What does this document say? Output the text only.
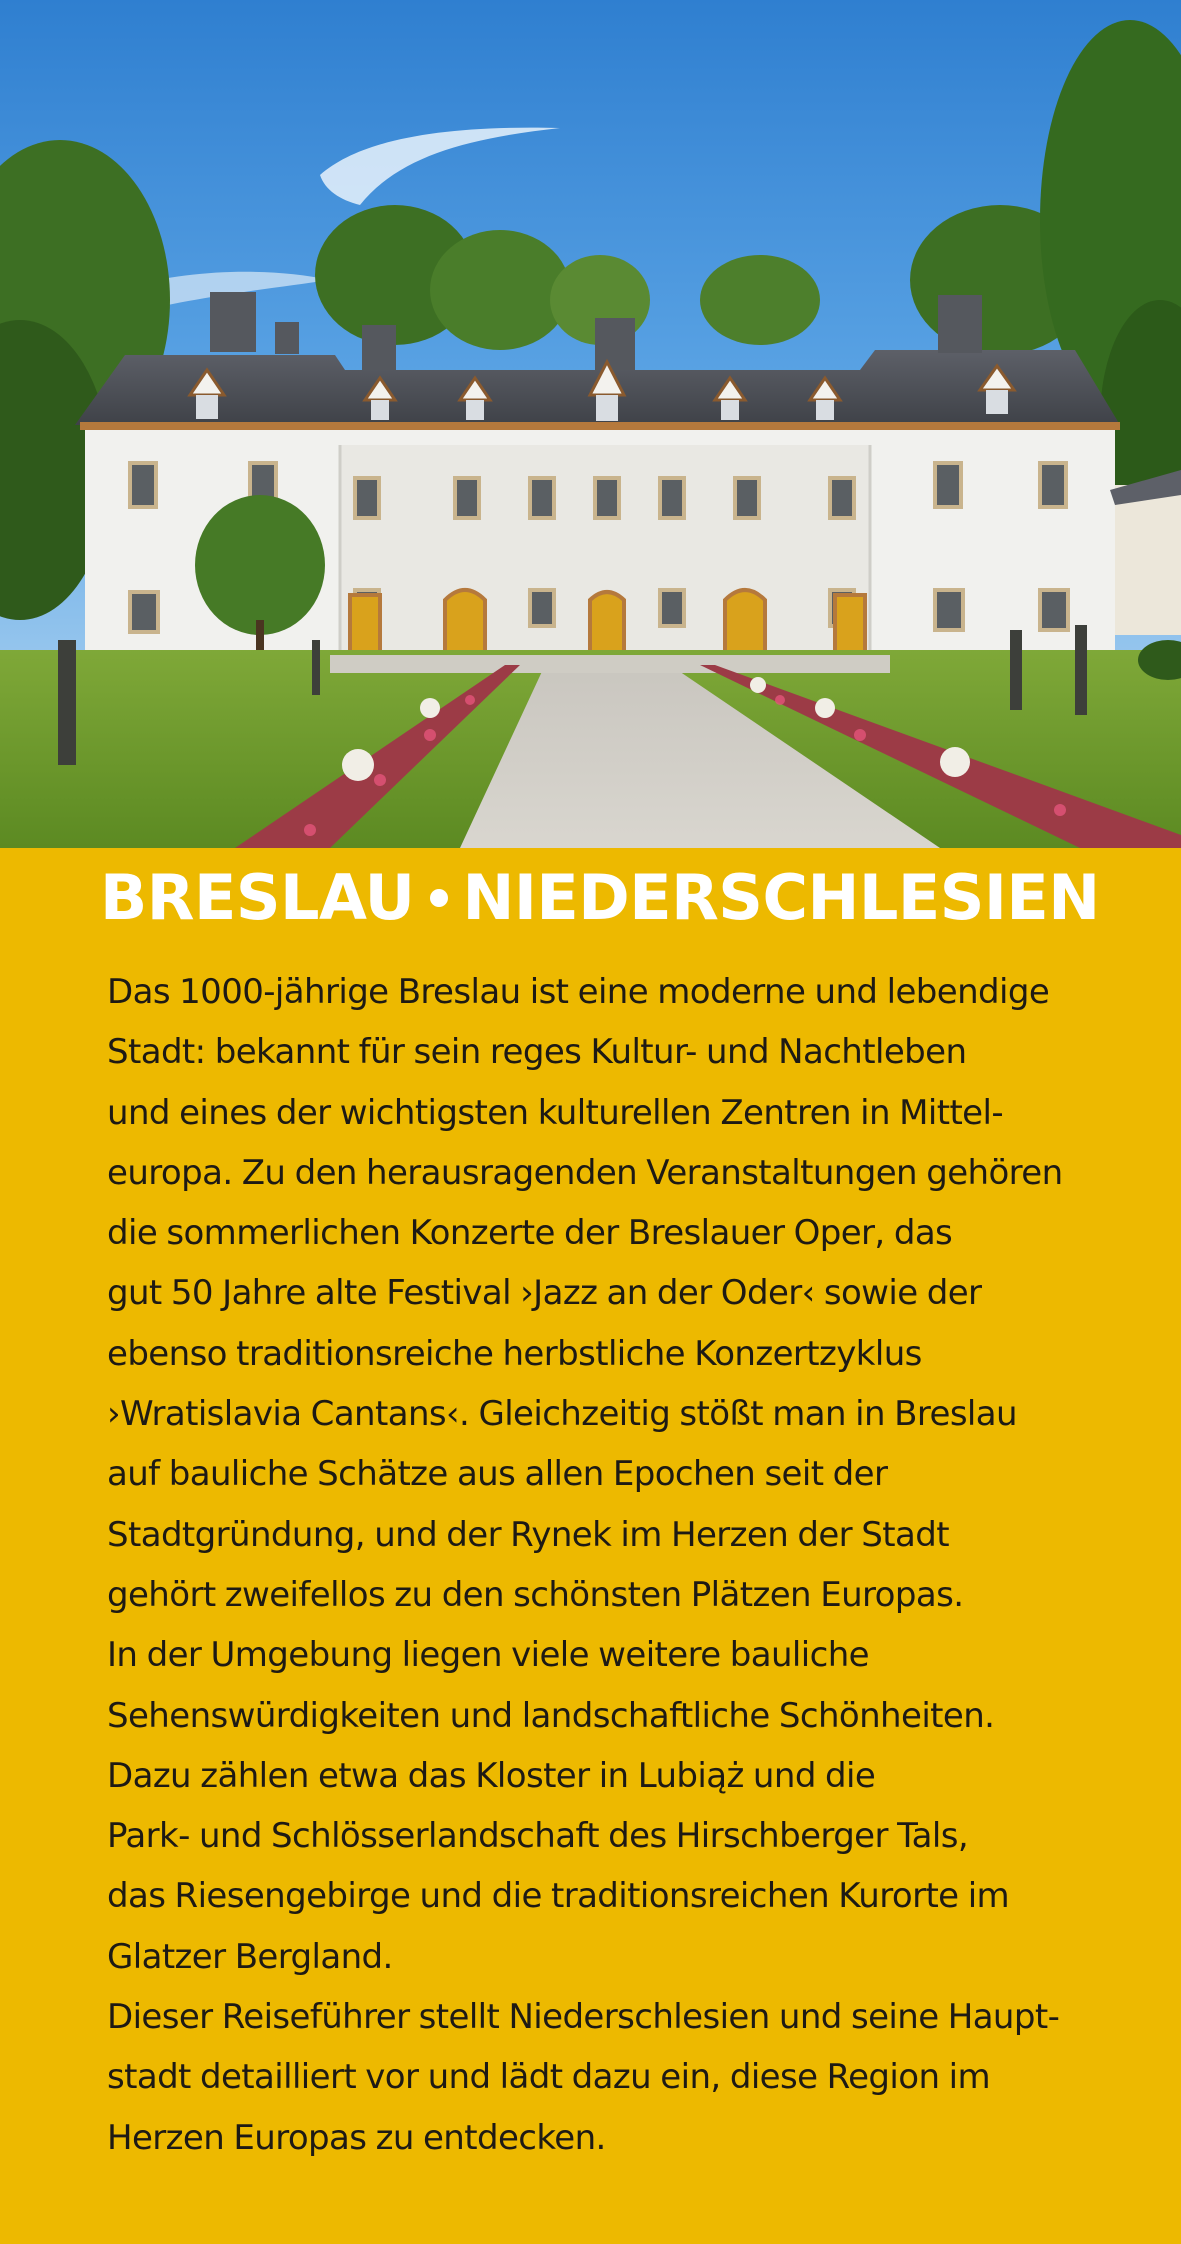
BRESLAU NIEDERSCHLESIEN
Das 1000-jährige Breslau ist eine moderne und lebendige
Stadt: bekannt für sein reges Kultur- und Nachtleben
und eines der wichtigsten kulturellen Zentren in Mittel-
europa. Zu den herausragenden Veranstaltungen gehören
die sommerlichen Konzerte der Breslauer Oper, das
gut 50 Jahre alte Festival ›Jazz an der Oder‹ sowie der
ebenso traditionsreiche herbstliche Konzertzyklus
›Wratislavia Cantans‹. Gleichzeitig stößt man in Breslau
auf bauliche Schätze aus allen Epochen seit der
Stadtgründung, und der Rynek im Herzen der Stadt
gehört zweifellos zu den schönsten Plätzen Europas.
In der Umgebung liegen viele weitere bauliche
Sehenswürdigkeiten und landschaftliche Schönheiten.
Dazu zählen etwa das Kloster in Lubiąż und die
Park- und Schlösserlandschaft des Hirschberger Tals,
das Riesengebirge und die traditionsreichen Kurorte im
Glatzer Bergland.
Dieser Reiseführer stellt Niederschlesien und seine Haupt-
stadt detailliert vor und lädt dazu ein, diese Region im
Herzen Europas zu entdecken.
